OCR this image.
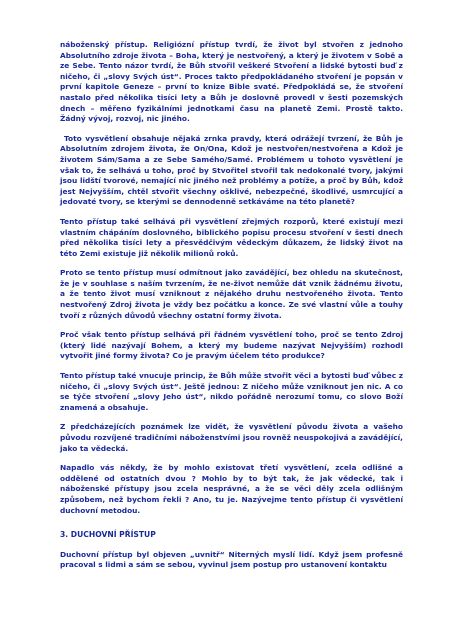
náboženský přístup. Religiózní přístup tvrdí, že život byl stvořen z jednoho Absolutního zdroje života – Boha, který je nestvořený, a který je životem v Sobě a ze Sebe. Tento názor tvrdí, že Bůh stvořil veškeré Stvoření a lidské bytosti buď z ničeho, či „slovy Svých úst“. Proces takto předpokládaného stvoření je popsán v první kapitole Geneze – první to knize Bible svaté. Předpokládá se, že stvoření nastalo před několika tisíci lety a Bůh je doslovně provedl v šesti pozemských dnech – měřeno fyzikálními jednotkami času na planetě Zemi. Prostě takto. Žádný vývoj, rozvoj, nic jiného.

Toto vysvětlení obsahuje nějaká zrnka pravdy, která odrážejí tvrzení, že Bůh je Absolutním zdrojem života, že On/Ona, Kdož je nestvořen/nestvořena a Kdož je životem Sám/Sama a ze Sebe Samého/Samé. Problémem u tohoto vysvětlení je však to, že selhává u toho, proč by Stvořitel stvořil tak nedokonalé tvory, jakými jsou lidští tvorové, nemající nic jiného než problémy a potíže, a proč by Bůh, kdož jest Nejvyšším, chtěl stvořit všechny ošklivé, nebezpečné, škodlivé, usmrcující a jedovaté tvory, se kterými se dennodenně setkáváme na této planetě?

Tento přístup také selhává při vysvětlení zřejmých rozporů, které existují mezi vlastním chápáním doslovného, biblického popisu procesu stvoření v šesti dnech před několika tisíci lety a přesvědčivým vědeckým důkazem, že lidský život na této Zemi existuje již několik milionů roků.

Proto se tento přístup musí odmítnout jako zavádějící, bez ohledu na skutečnost, že je v souhlase s naším tvrzením, že ne-život nemůže dát vznik žádnému životu, a že tento život musí vzniknout z nějakého druhu nestvořeného života. Tento nestvořený Zdroj života je vždy bez počátku a konce. Ze své vlastní vůle a touhy tvoří z různých důvodů všechny ostatní formy života.

Proč však tento přístup selhává při řádném vysvětlení toho, proč se tento Zdroj (který lidé nazývají Bohem, a který my budeme nazývat Nejvyšším) rozhodl vytvořit jiné formy života? Co je pravým účelem této produkce?

Tento přístup také vnucuje princip, že Bůh může stvořit věci a bytosti buď vůbec z ničeho, či „slovy Svých úst“. Ještě jednou: Z ničeho může vzniknout jen nic. A co se týče stvoření „slovy Jeho úst“, nikdo pořádně nerozumí tomu, co slovo Boží znamená a obsahuje.

Z předcházejících poznámek lze vidět, že vysvětlení původu života a vašeho původu rozvíjené tradičními náboženstvími jsou rovněž neuspokojivá a zavádějící, jako ta vědecká.

Napadlo vás někdy, že by mohlo existovat třetí vysvětlení, zcela odlišné a oddělené od ostatních dvou ? Mohlo by to být tak, že jak vědecké, tak i náboženské přístupy jsou zcela nesprávné, a že se věci děly zcela odlišným způsobem, než bychom řekli ? Ano, tu je. Nazývejme tento přístup či vysvětlení duchovní metodou.

3. DUCHOVNÍ PŘÍSTUP

Duchovní přístup byl objeven „uvnitř“ Niterných myslí lidí. Když jsem profesně pracoval s lidmi a sám se sebou, vyvinul jsem postup pro ustanovení kontaktu
